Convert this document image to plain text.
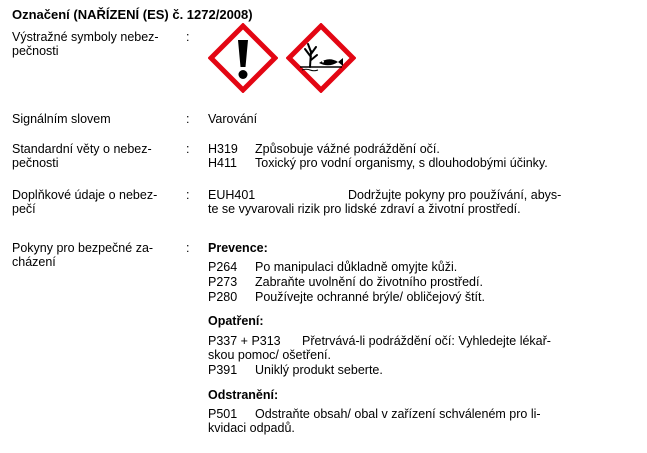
Označení (NAŘÍZENÍ (ES) č. 1272/2008)
Výstražné symboly nebez-
pečnosti
:
Signálním slovem	: Varování
Standardní věty o nebez-
pečnosti
: H319 Způsobuje vážné podráždění očí.
H411 Toxický pro vodní organismy, s dlouhodobými účinky.
Doplňkové údaje o nebez-
pečí
: EUH401	Dodržujte pokyny pro používání, abys-
te se vyvarovali rizik pro lidské zdraví a životní prostředí.
Pokyny pro bezpečné za-
cházení
: Prevence:
P264 Po manipulaci důkladně omyjte kůži.
P273 Zabraňte uvolnění do životního prostředí.
P280 Používejte ochranné brýle/ obličejový štít.
Opatření:
P337 + P313 Přetrvává-li podráždění očí: Vyhledejte lékař-
skou pomoc/ ošetření.
P391 Uniklý produkt seberte.
Odstranění:
P501 Odstraňte obsah/ obal v zařízení schváleném pro li-
kvidaci odpadů.
